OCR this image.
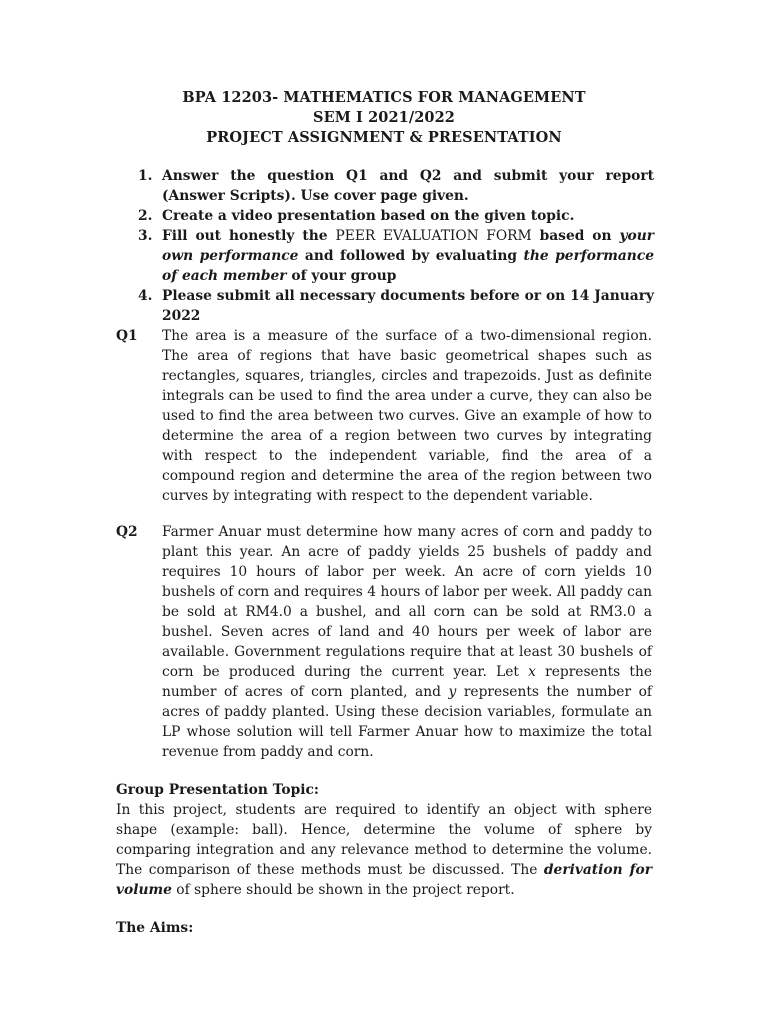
BPA 12203- MATHEMATICS FOR MANAGEMENT
SEM I 2021/2022
PROJECT ASSIGNMENT & PRESENTATION
1. Answer the question Q1 and Q2 and submit your report (Answer Scripts). Use cover page given.
2. Create a video presentation based on the given topic.
3. Fill out honestly the PEER EVALUATION FORM based on your own performance and followed by evaluating the performance of each member of your group
4. Please submit all necessary documents before or on 14 January 2022
Q1 The area is a measure of the surface of a two-dimensional region. The area of regions that have basic geometrical shapes such as rectangles, squares, triangles, circles and trapezoids. Just as definite integrals can be used to find the area under a curve, they can also be used to find the area between two curves. Give an example of how to determine the area of a region between two curves by integrating with respect to the independent variable, find the area of a compound region and determine the area of the region between two curves by integrating with respect to the dependent variable.
Q2 Farmer Anuar must determine how many acres of corn and paddy to plant this year. An acre of paddy yields 25 bushels of paddy and requires 10 hours of labor per week. An acre of corn yields 10 bushels of corn and requires 4 hours of labor per week. All paddy can be sold at RM4.0 a bushel, and all corn can be sold at RM3.0 a bushel. Seven acres of land and 40 hours per week of labor are available. Government regulations require that at least 30 bushels of corn be produced during the current year. Let x represents the number of acres of corn planted, and y represents the number of acres of paddy planted. Using these decision variables, formulate an LP whose solution will tell Farmer Anuar how to maximize the total revenue from paddy and corn.
Group Presentation Topic:
In this project, students are required to identify an object with sphere shape (example: ball). Hence, determine the volume of sphere by comparing integration and any relevance method to determine the volume. The comparison of these methods must be discussed. The derivation for volume of sphere should be shown in the project report.
The Aims:
